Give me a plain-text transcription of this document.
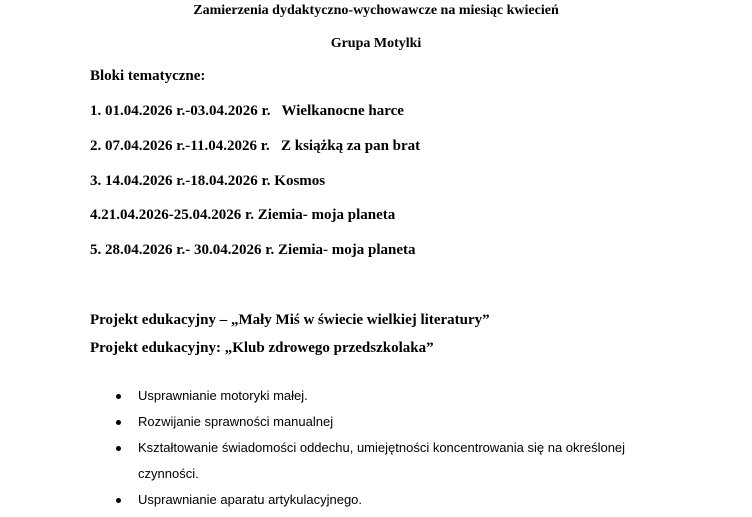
Zamierzenia dydaktyczno-wychowawcze na miesiąc kwiecień
Grupa Motylki
Bloki tematyczne:
1. 01.04.2026 r.-03.04.2026 r.   Wielkanocne harce
2. 07.04.2026 r.-11.04.2026 r.   Z książką za pan brat
3. 14.04.2026 r.-18.04.2026 r. Kosmos
4.21.04.2026-25.04.2026 r. Ziemia- moja planeta
5. 28.04.2026 r.- 30.04.2026 r. Ziemia- moja planeta
Projekt edukacyjny – „Mały Miś w świecie wielkiej literatury”
Projekt edukacyjny: „Klub zdrowego przedszkolaka”
Usprawnianie motoryki małej.
Rozwijanie sprawności manualnej
Kształtowanie świadomości oddechu, umiejętności koncentrowania się na określonej
czynności.
Usprawnianie aparatu artykulacyjnego.
